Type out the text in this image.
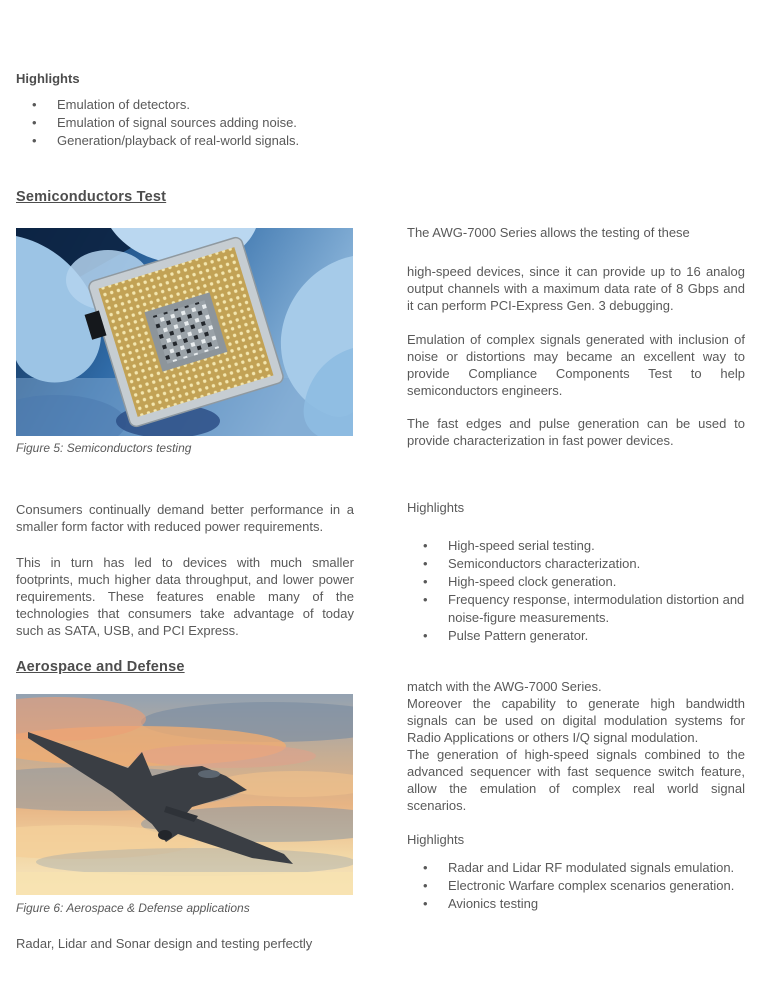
Highlights
• Emulation of detectors.
• Emulation of signal sources adding noise.
• Generation/playback of real-world signals.
Semiconductors Test
Figure 5: Semiconductors testing

Consumers continually demand better performance in a smaller form factor with reduced power requirements.

This in turn has led to devices with much smaller footprints, much higher data throughput, and lower power requirements. These features enable many of the technologies that consumers take advantage of today such as SATA, USB, and PCI Express.

Aerospace and Defense
Figure 6: Aerospace & Defense applications

Radar, Lidar and Sonar design and testing perfectly

The AWG-7000 Series allows the testing of these

high-speed devices, since it can provide up to 16 analog output channels with a maximum data rate of 8 Gbps and it can perform PCI-Express Gen. 3 debugging.

Emulation of complex signals generated with inclusion of noise or distortions may became an excellent way to provide Compliance Components Test to help semiconductors engineers.

The fast edges and pulse generation can be used to provide characterization in fast power devices.

Highlights
• High-speed serial testing.
• Semiconductors characterization.
• High-speed clock generation.
• Frequency response, intermodulation distortion and noise-figure measurements.
• Pulse Pattern generator.

match with the AWG-7000 Series.

Moreover the capability to generate high bandwidth signals can be used on digital modulation systems for Radio Applications or others I/Q signal modulation.

The generation of high-speed signals combined to the advanced sequencer with fast sequence switch feature, allow the emulation of complex real world signal scenarios.

Highlights
• Radar and Lidar RF modulated signals emulation.
• Electronic Warfare complex scenarios generation.
• Avionics testing
